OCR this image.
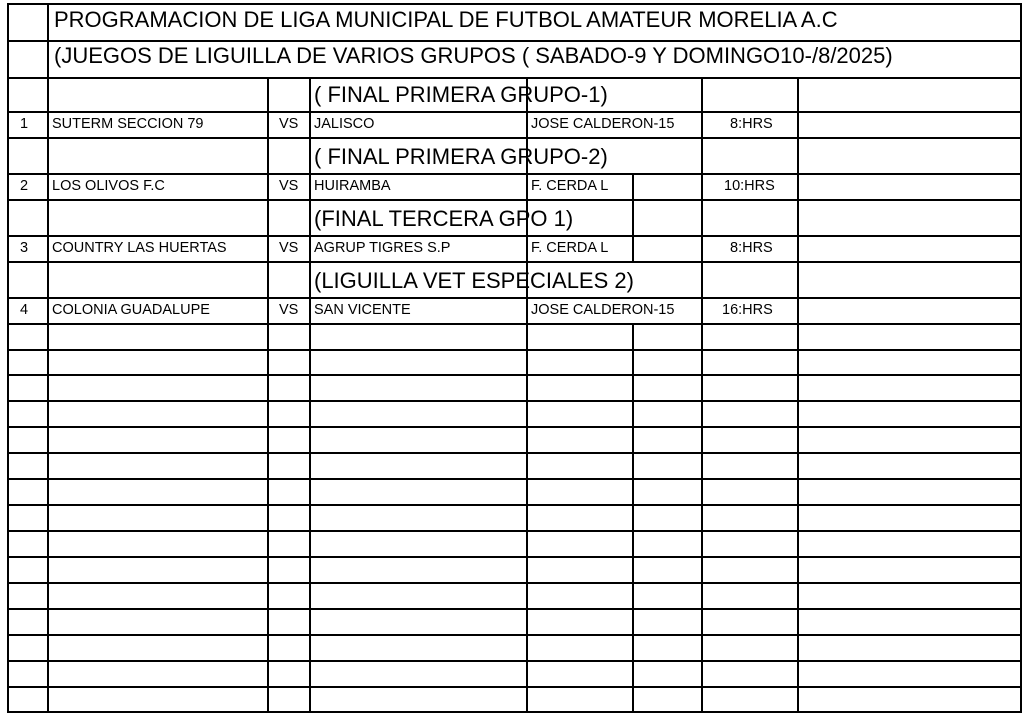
PROGRAMACION DE LIGA MUNICIPAL DE FUTBOL AMATEUR MORELIA A.C
(JUEGOS DE LIGUILLA DE VARIOS GRUPOS ( SABADO-9 Y DOMINGO10-/8/2025)
( FINAL PRIMERA GRUPO-1)
1 SUTERM SECCION 79	VS JALISCO	JOSE CALDERON-15	8:HRS
( FINAL PRIMERA GRUPO-2)
2 LOS OLIVOS F.C	VS HUIRAMBA	F. CERDA L	10:HRS
(FINAL TERCERA GPO 1)
3 COUNTRY LAS HUERTAS	VS AGRUP TIGRES S.P	F. CERDA L	8:HRS
(LIGUILLA VET ESPECIALES 2)
4 COLONIA GUADALUPE	VS SAN VICENTE	JOSE CALDERON-15	16:HRS
